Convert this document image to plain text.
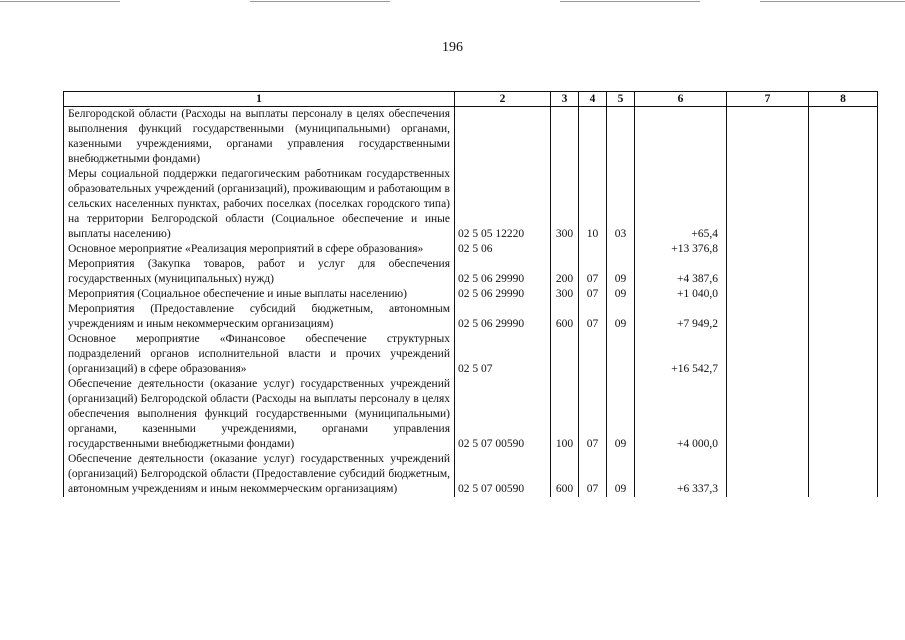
196
1	2	3	4	5	6	7	8
Белгородской области (Расходы на выплаты персоналу в целях обеспечения выполнения функций государственными (муниципальными) органами, казенными учреждениями, органами управления государственными внебюджетными фондами)							
Меры социальной поддержки педагогическим работникам государственных образовательных учреждений (организаций), проживающим и работающим в сельских населенных пунктах, рабочих поселках (поселках городского типа) на территории Белгородской области (Социальное обеспечение и иные выплаты населению)	02 5 05 12220	300	10	03	+65,4		
Основное мероприятие «Реализация мероприятий в сфере образования»	02 5 06				+13 376,8		
Мероприятия (Закупка товаров, работ и услуг для обеспечения государственных (муниципальных) нужд)	02 5 06 29990	200	07	09	+4 387,6		
Мероприятия (Социальное обеспечение и иные выплаты населению)	02 5 06 29990	300	07	09	+1 040,0		
Мероприятия (Предоставление субсидий бюджетным, автономным учреждениям и иным некоммерческим организациям)	02 5 06 29990	600	07	09	+7 949,2		
Основное мероприятие «Финансовое обеспечение структурных подразделений органов исполнительной власти и прочих учреждений (организаций) в сфере образования»	02 5 07				+16 542,7		
Обеспечение деятельности (оказание услуг) государственных учреждений (организаций) Белгородской области (Расходы на выплаты персоналу в целях обеспечения выполнения функций государственными (муниципальными) органами, казенными учреждениями, органами управления государственными внебюджетными фондами)	02 5 07 00590	100	07	09	+4 000,0		
Обеспечение деятельности (оказание услуг) государственных учреждений (организаций) Белгородской области (Предоставление субсидий бюджетным, автономным учреждениям и иным некоммерческим организациям)	02 5 07 00590	600	07	09	+6 337,3		
